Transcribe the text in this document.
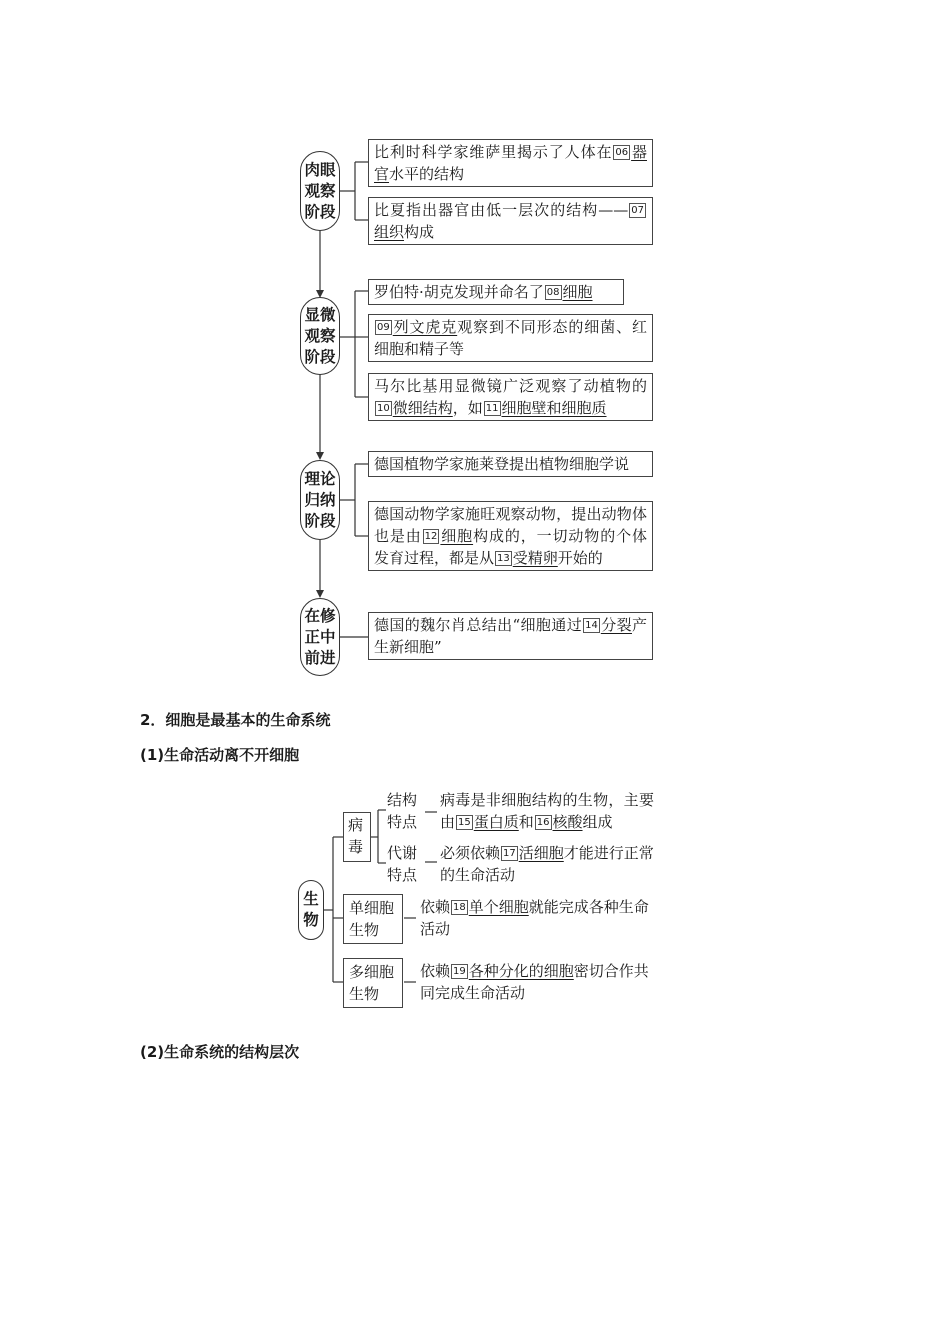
肉眼观察阶段
显微观察阶段
理论归纳阶段
在修正中前进
比利时科学家维萨里揭示了人体在 06 器官水平的结构
比夏指出器官由低一层次的结构—— 07组织构成
罗伯特·胡克发现并命名了 08 细胞
09 列文虎克观察到不同形态的细菌、红细胞和精子等
马尔比基用显微镜广泛观察了动植物的10 微细结构，如 11 细胞壁和细胞质
德国植物学家施莱登提出植物细胞学说
德国动物学家施旺观察动物，提出动物体也是由 12 细胞构成的，一切动物的个体发育过程，都是从 13 受精卵开始的
德国的魏尔肖总结出“细胞通过 14 分裂产生新细胞”
2．细胞是最基本的生命系统
(1)生命活动离不开细胞
生物
病毒
结构特点
病毒是非细胞结构的生物，主要由 15 蛋白质和 16 核酸组成
代谢特点
必须依赖 17 活细胞才能进行正常的生命活动
单细胞生物
依赖 18 单个细胞就能完成各种生命活动
多细胞生物
依赖 19 各种分化的细胞密切合作共同完成生命活动
(2)生命系统的结构层次
